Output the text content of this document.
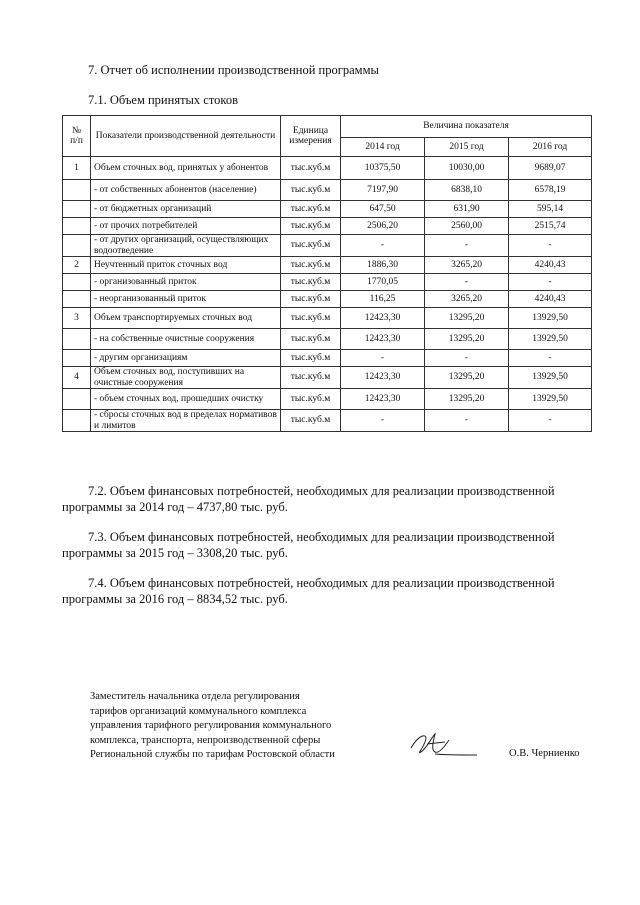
7. Отчет об исполнении производственной программы
7.1. Объем принятых стоков
№
п/п	Показатели производственной деятельности	Единица измерения	Величина показателя		
			2014 год	2015 год	2016 год
1	Объем сточных вод, принятых у абонентов	тыс.куб.м	10375,50	10030,00	9689,07
	- от собственных абонентов (население)	тыс.куб.м	7197,90	6838,10	6578,19
	- от бюджетных организаций	тыс.куб.м	647,50	631,90	595,14
	- от прочих потребителей	тыс.куб.м	2506,20	2560,00	2515,74
	- от других организаций, осуществляющих водоотведение	тыс.куб.м	-	-	-
2	Неучтенный приток сточных вод	тыс.куб.м	1886,30	3265,20	4240,43
	- организованный приток	тыс.куб.м	1770,05	-	-
	- неорганизованный приток	тыс.куб.м	116,25	3265,20	4240,43
3	Объем транспортируемых сточных вод	тыс.куб.м	12423,30	13295,20	13929,50
	- на собственные очистные сооружения	тыс.куб.м	12423,30	13295,20	13929,50
	- другим организациям	тыс.куб.м	-	-	-
4	Объем сточных вод, поступивших на очистные сооружения	тыс.куб.м	12423,30	13295,20	13929,50
	- объем сточных вод, прошедших очистку	тыс.куб.м	12423,30	13295,20	13929,50
	- сбросы сточных вод в пределах нормативов и лимитов	тыс.куб.м	-	-	-
7.2. Объем финансовых потребностей, необходимых для реализации производственной
программы за 2014 год – 4737,80 тыс. руб.
7.3. Объем финансовых потребностей, необходимых для реализации производственной
программы за 2015 год – 3308,20 тыс. руб.
7.4. Объем финансовых потребностей, необходимых для реализации производственной
программы за 2016 год – 8834,52 тыс. руб.
Заместитель начальника отдела регулирования
тарифов организаций коммунального комплекса
управления тарифного регулирования коммунального
комплекса, транспорта, непроизводственной сферы
Региональной службы по тарифам Ростовской области	О.В. Черниенко
